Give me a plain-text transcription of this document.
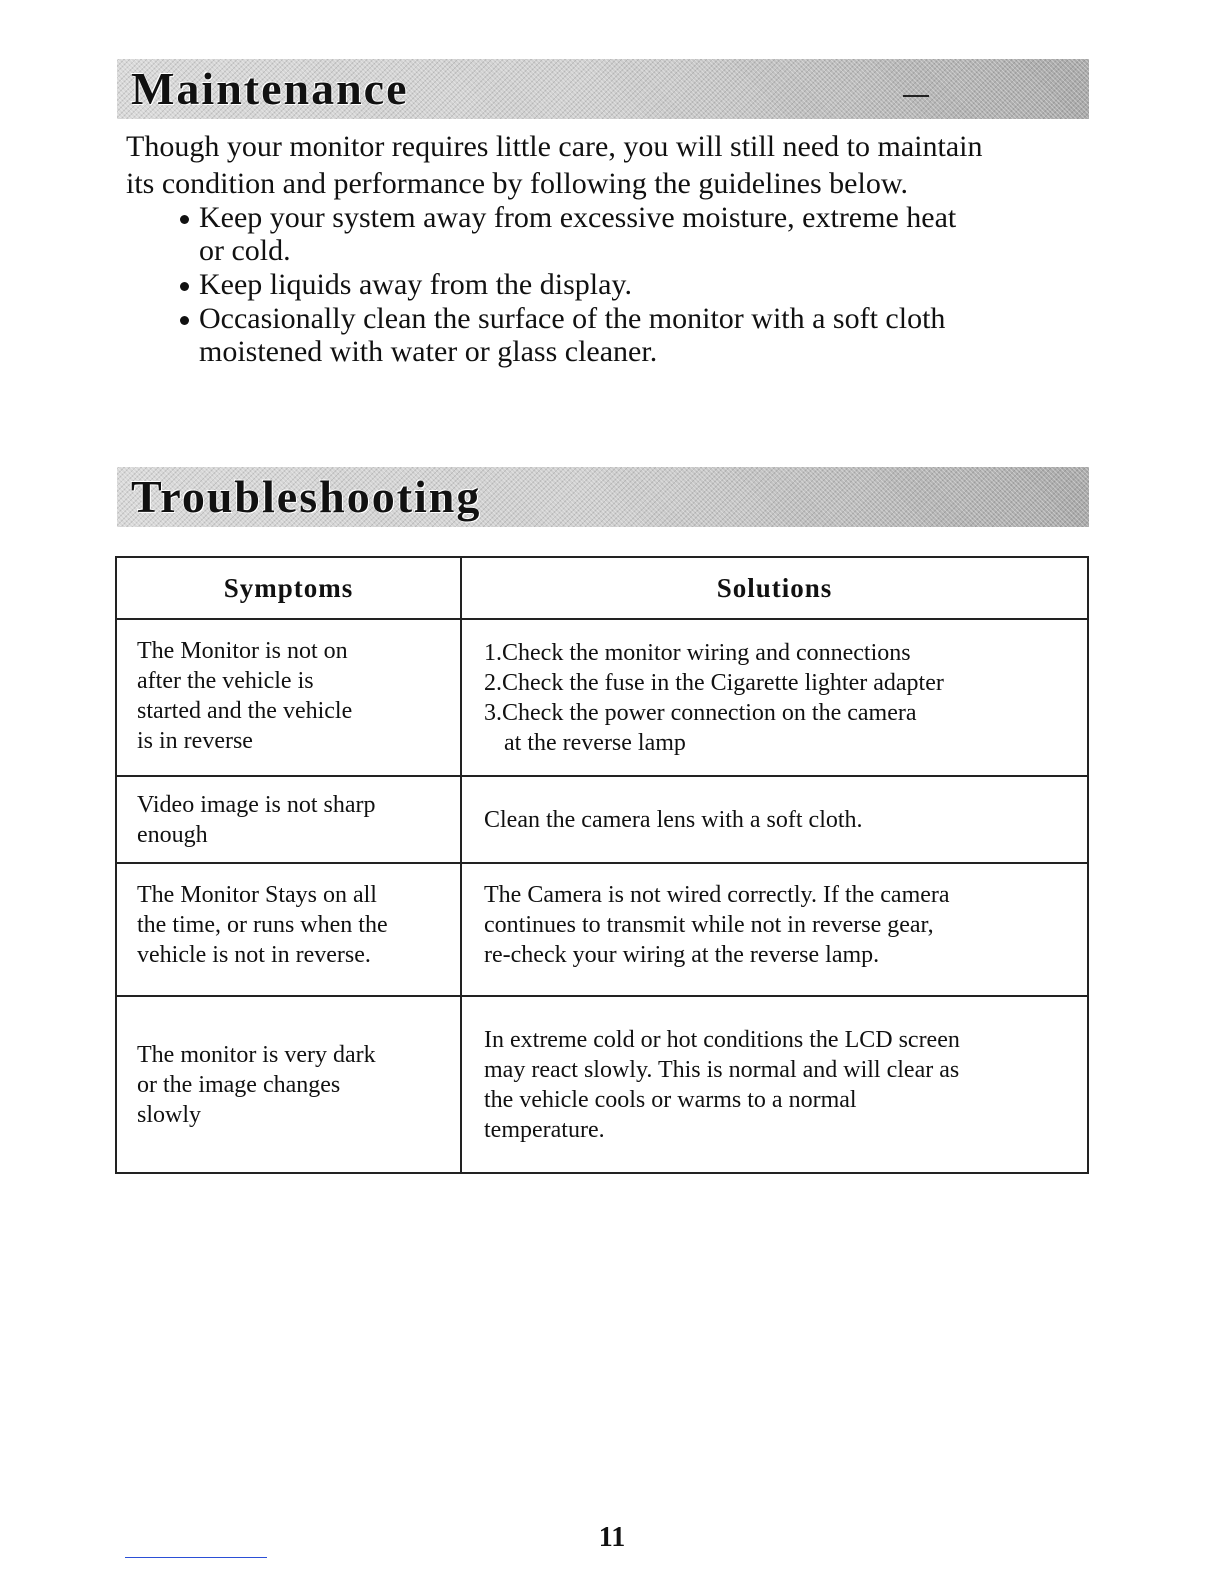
Maintenance

Though your monitor requires little care, you will still need to maintain
its condition and performance by following the guidelines below.

Keep your system away from excessive moisture, extreme heat
or cold.
Keep liquids away from the display.
Occasionally clean the surface of the monitor with a soft cloth
moistened with water or glass cleaner.
Troubleshooting
Symptoms	Solutions

The Monitor is not on
after the vehicle is
started and the vehicle
is in reverse	1.Check the monitor wiring and connections
2.Check the fuse in the Cigarette lighter adapter
3.Check the power connection on the camera
at the reverse lamp

Video image is not sharp
enough	Clean the camera lens with a soft cloth.

The Monitor Stays on all
the time, or runs when the
vehicle is not in reverse.	The Camera is not wired correctly. If the camera
continues to transmit while not in reverse gear,
re-check your wiring at the reverse lamp.

The monitor is very dark
or the image changes
slowly	In extreme cold or hot conditions the LCD screen
may react slowly. This is normal and will clear as
the vehicle cools or warms to a normal
temperature.
11
